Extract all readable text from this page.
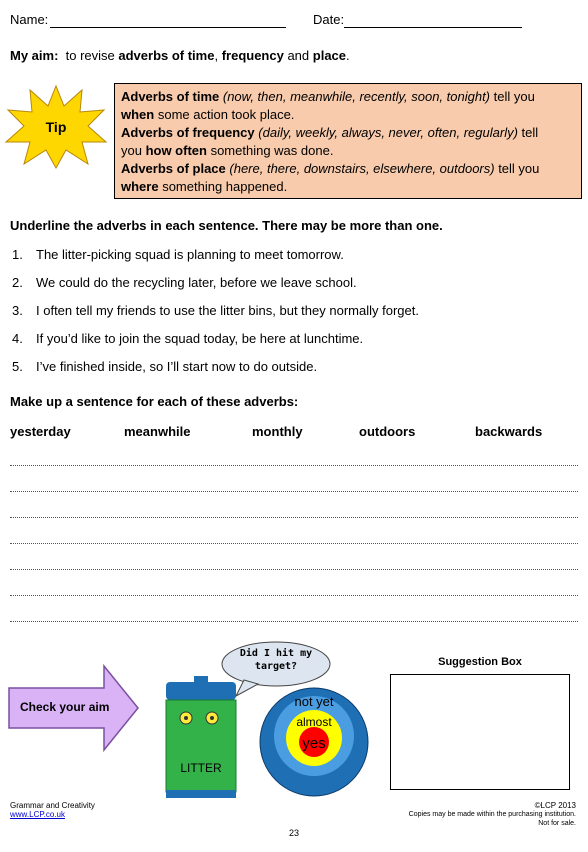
Name:	Date:
My aim:  to revise adverbs of time, frequency and place.
Tip
Adverbs of time (now, then, meanwhile, recently, soon, tonight) tell you
when some action took place.
Adverbs of frequency (daily, weekly, always, never, often, regularly) tell
you how often something was done.
Adverbs of place (here, there, downstairs, elsewhere, outdoors) tell you
where something happened.
Underline the adverbs in each sentence. There may be more than one.
1. The litter-picking squad is planning to meet tomorrow.
2. We could do the recycling later, before we leave school.
3. I often tell my friends to use the litter bins, but they normally forget.
4. If you’d like to join the squad today, be here at lunchtime.
5. I’ve finished inside, so I’ll start now to do outside.
Make up a sentence for each of these adverbs:
yesterday	meanwhile	monthly	outdoors	backwards
Check your aim
Did I hit my target?
LITTER
not yet
almost
yes
Suggestion Box
Grammar and Creativity
www.LCP.co.uk
©LCP 2013
Copies may be made within the purchasing institution.
Not for sale.
23
